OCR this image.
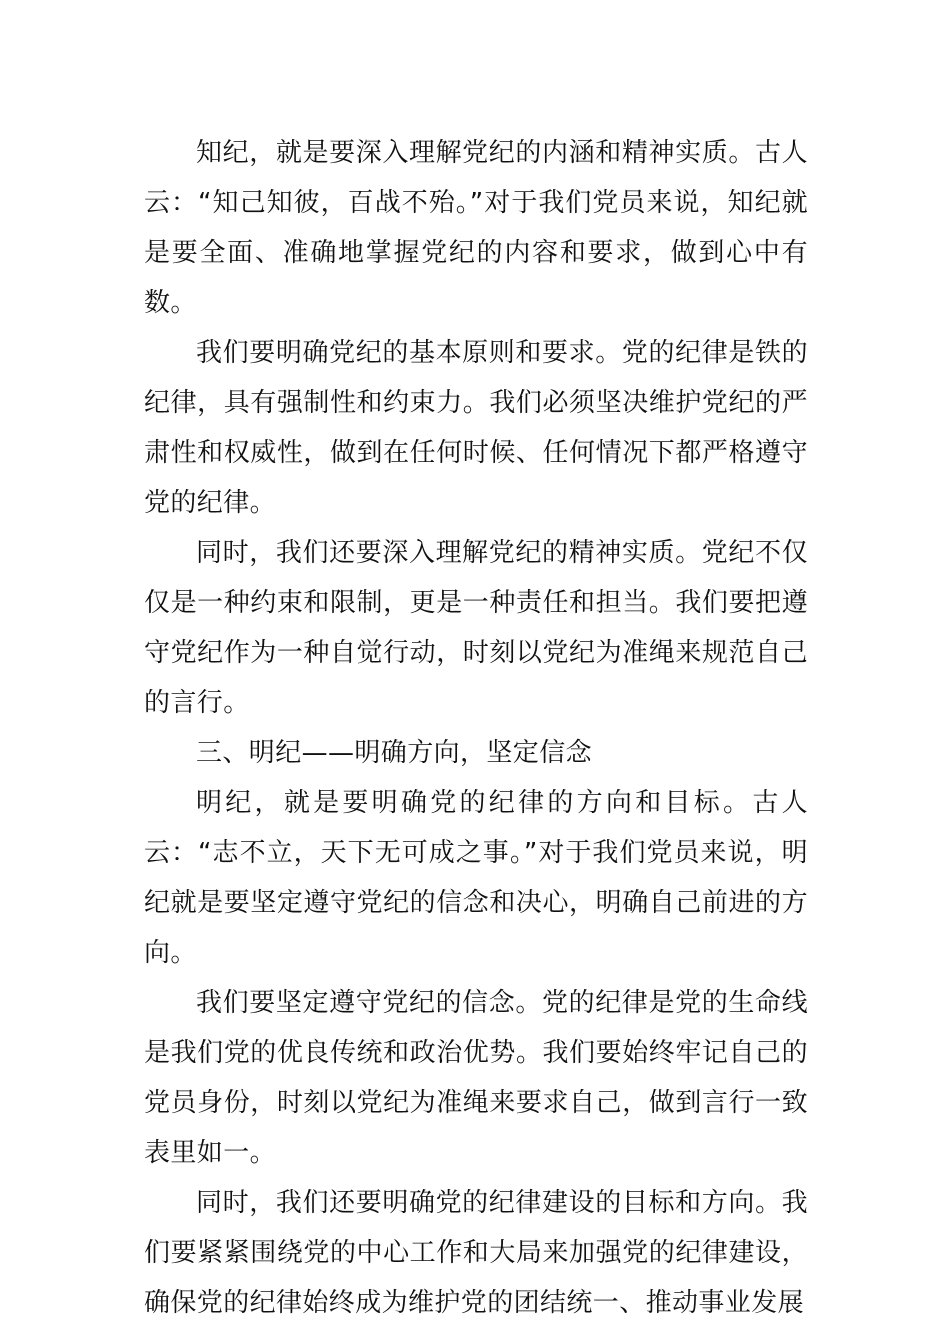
知纪，就是要深入理解党纪的内涵和精神实质。古人云：“知己知彼，百战不殆。”对于我们党员来说，知纪就是要全面、准确地掌握党纪的内容和要求，做到心中有数。

我们要明确党纪的基本原则和要求。党的纪律是铁的纪律，具有强制性和约束力。我们必须坚决维护党纪的严肃性和权威性，做到在任何时候、任何情况下都严格遵守党的纪律。

同时，我们还要深入理解党纪的精神实质。党纪不仅仅是一种约束和限制，更是一种责任和担当。我们要把遵守党纪作为一种自觉行动，时刻以党纪为准绳来规范自己的言行。

三、明纪——明确方向，坚定信念

明纪，就是要明确党的纪律的方向和目标。古人云：“志不立，天下无可成之事。”对于我们党员来说，明纪就是要坚定遵守党纪的信念和决心，明确自己前进的方向。

我们要坚定遵守党纪的信念。党的纪律是党的生命线是我们党的优良传统和政治优势。我们要始终牢记自己的党员身份，时刻以党纪为准绳来要求自己，做到言行一致表里如一。

同时，我们还要明确党的纪律建设的目标和方向。我们要紧紧围绕党的中心工作和大局来加强党的纪律建设，确保党的纪律始终成为维护党的团结统一、推动事业发展
